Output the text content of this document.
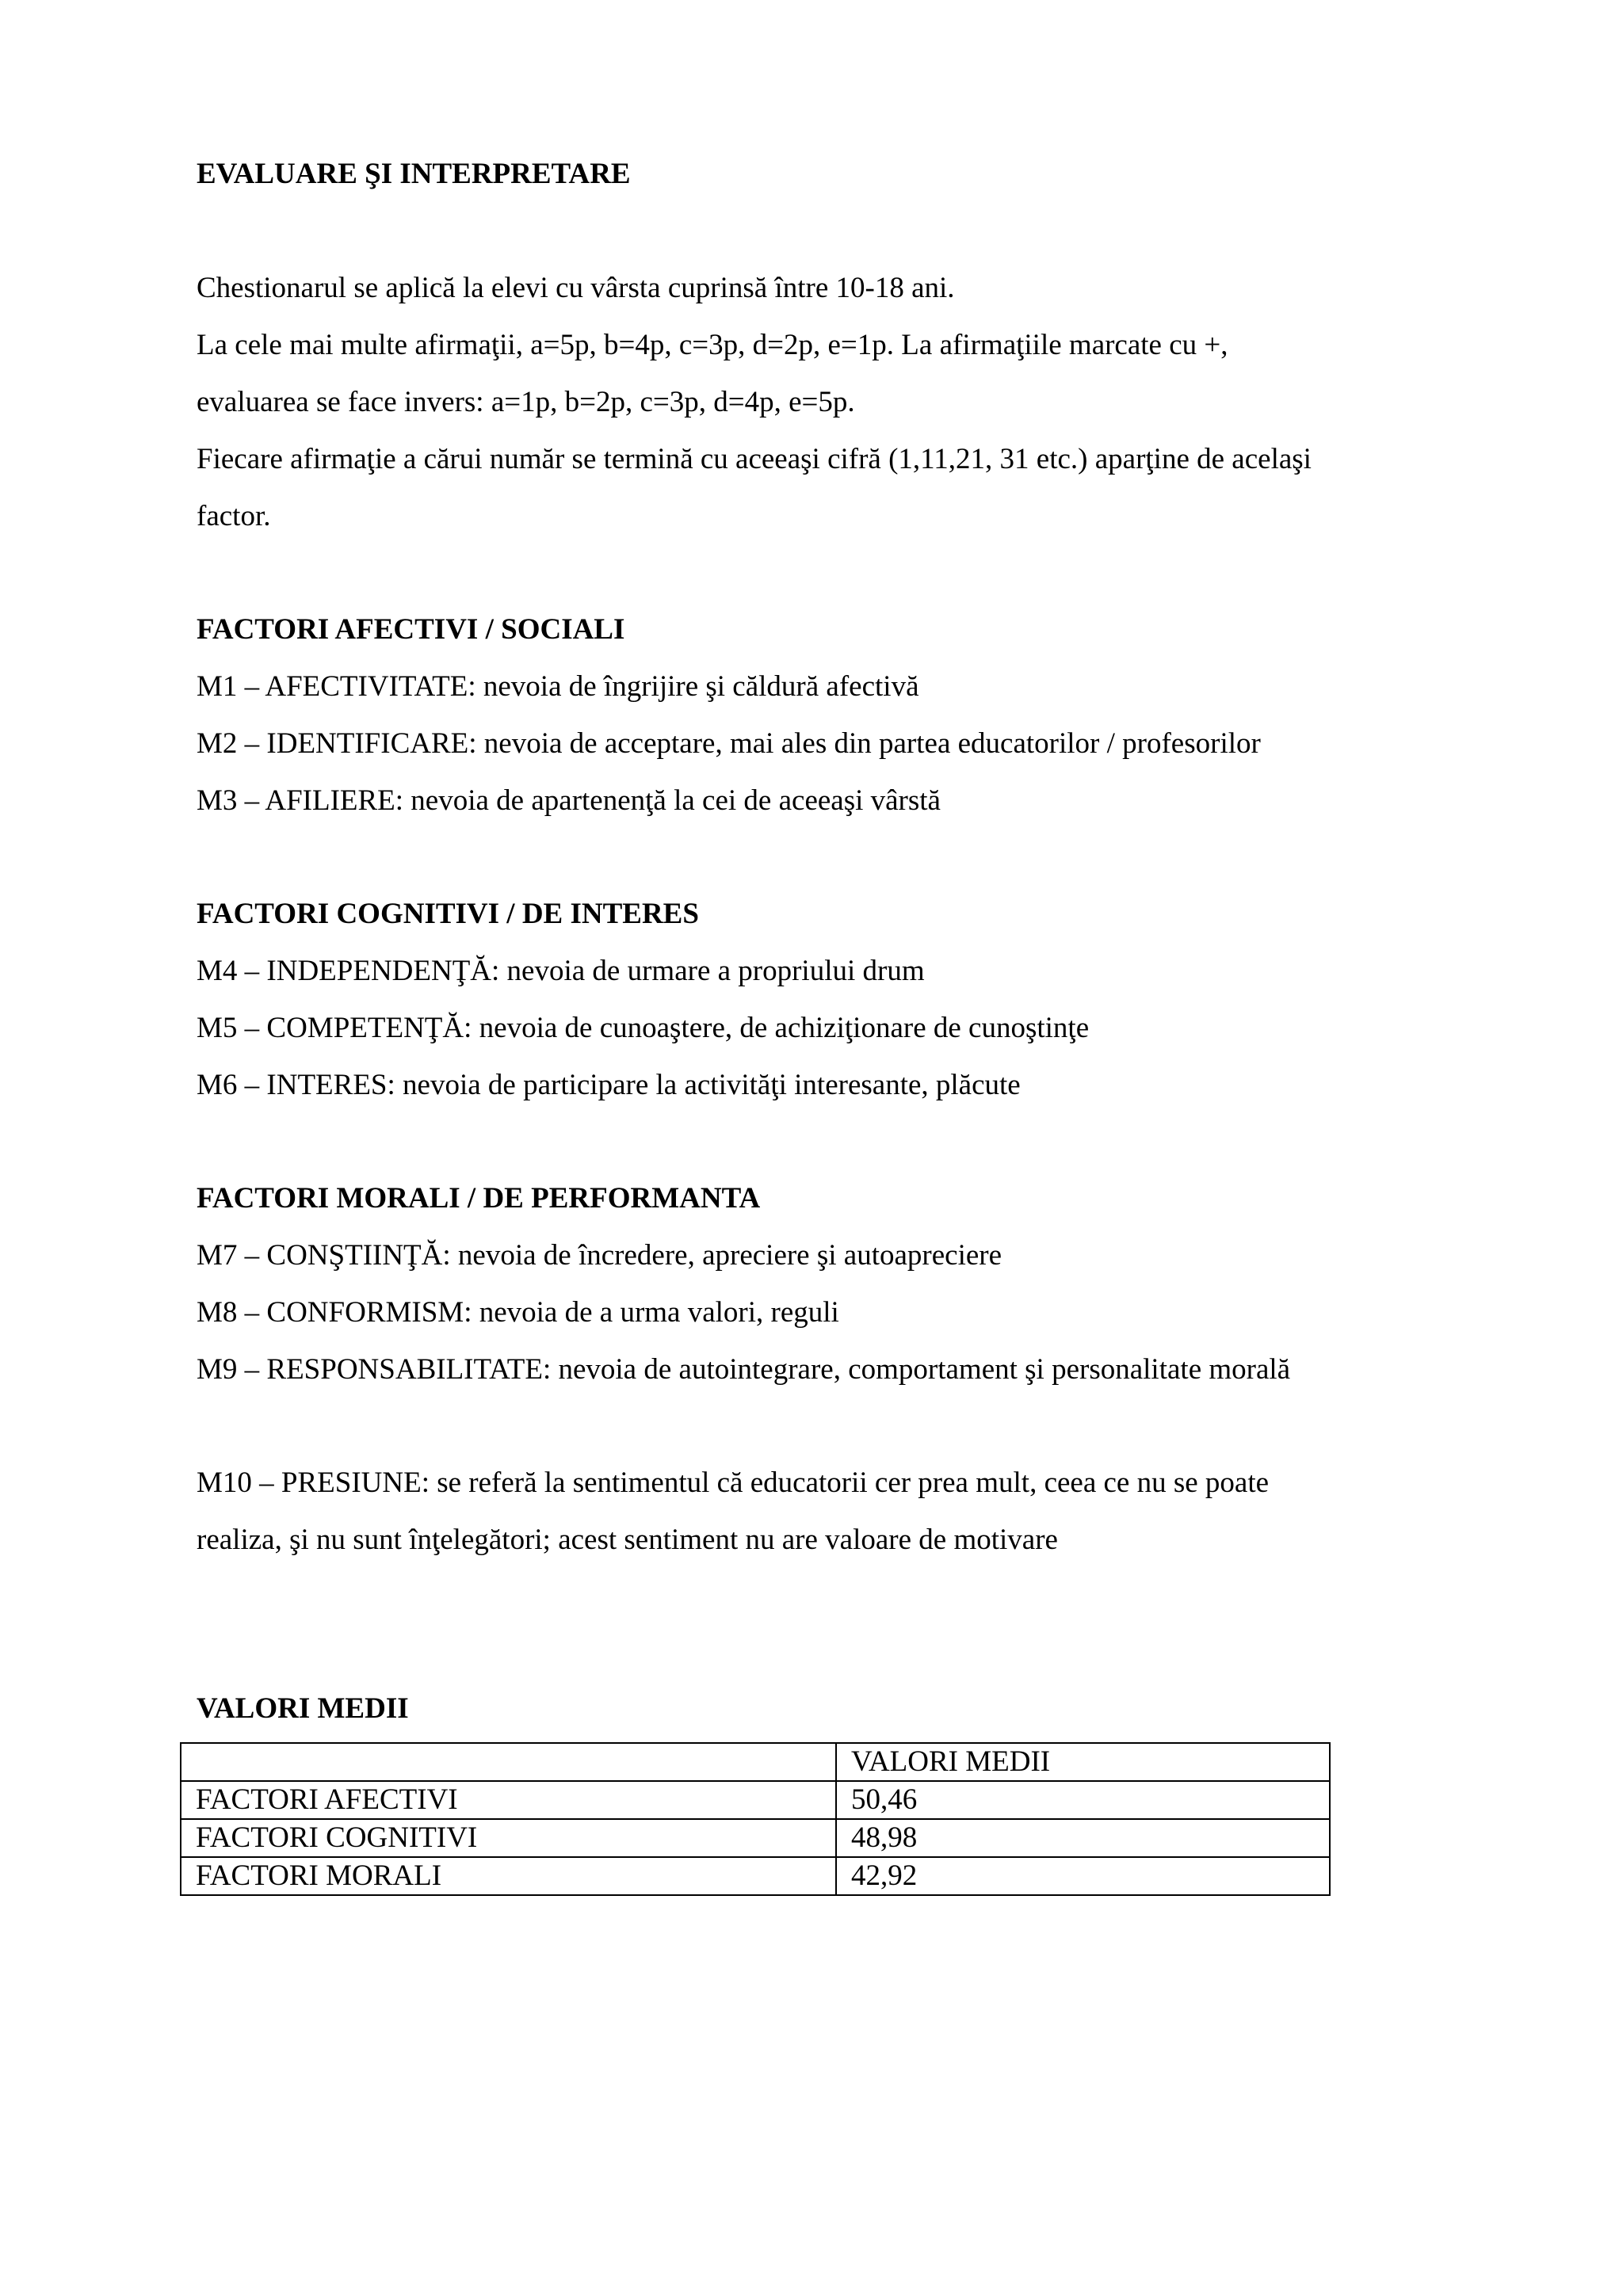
EVALUARE ŞI INTERPRETARE

Chestionarul se aplică la elevi cu vârsta cuprinsă între 10-18 ani.

La cele mai multe afirmaţii, a=5p, b=4p, c=3p, d=2p, e=1p. La afirmaţiile marcate cu +,

evaluarea se face invers: a=1p, b=2p, c=3p, d=4p, e=5p.

Fiecare afirmaţie a cărui număr se termină cu aceeaşi cifră (1,11,21, 31 etc.) aparţine de acelaşi

factor.

FACTORI AFECTIVI / SOCIALI

M1 – AFECTIVITATE: nevoia de îngrijire şi căldură afectivă

M2 – IDENTIFICARE: nevoia de acceptare, mai ales din partea educatorilor / profesorilor

M3 – AFILIERE: nevoia de apartenenţă la cei de aceeaşi vârstă

FACTORI COGNITIVI / DE INTERES

M4 – INDEPENDENŢĂ: nevoia de urmare a propriului drum

M5 – COMPETENŢĂ: nevoia de cunoaştere, de achiziţionare de cunoştinţe

M6 – INTERES: nevoia de participare la activităţi interesante, plăcute

FACTORI MORALI / DE PERFORMANTA

M7 – CONŞTIINŢĂ: nevoia de încredere, apreciere şi autoapreciere

M8 – CONFORMISM: nevoia de a urma valori, reguli

M9 – RESPONSABILITATE: nevoia de autointegrare, comportament şi personalitate morală

M10 – PRESIUNE: se referă la sentimentul că educatorii cer prea mult, ceea ce nu se poate

realiza, şi nu sunt înţelegători; acest sentiment nu are valoare de motivare

VALORI MEDII

	VALORI MEDII
FACTORI AFECTIVI	50,46
FACTORI COGNITIVI	48,98
FACTORI MORALI	42,92
